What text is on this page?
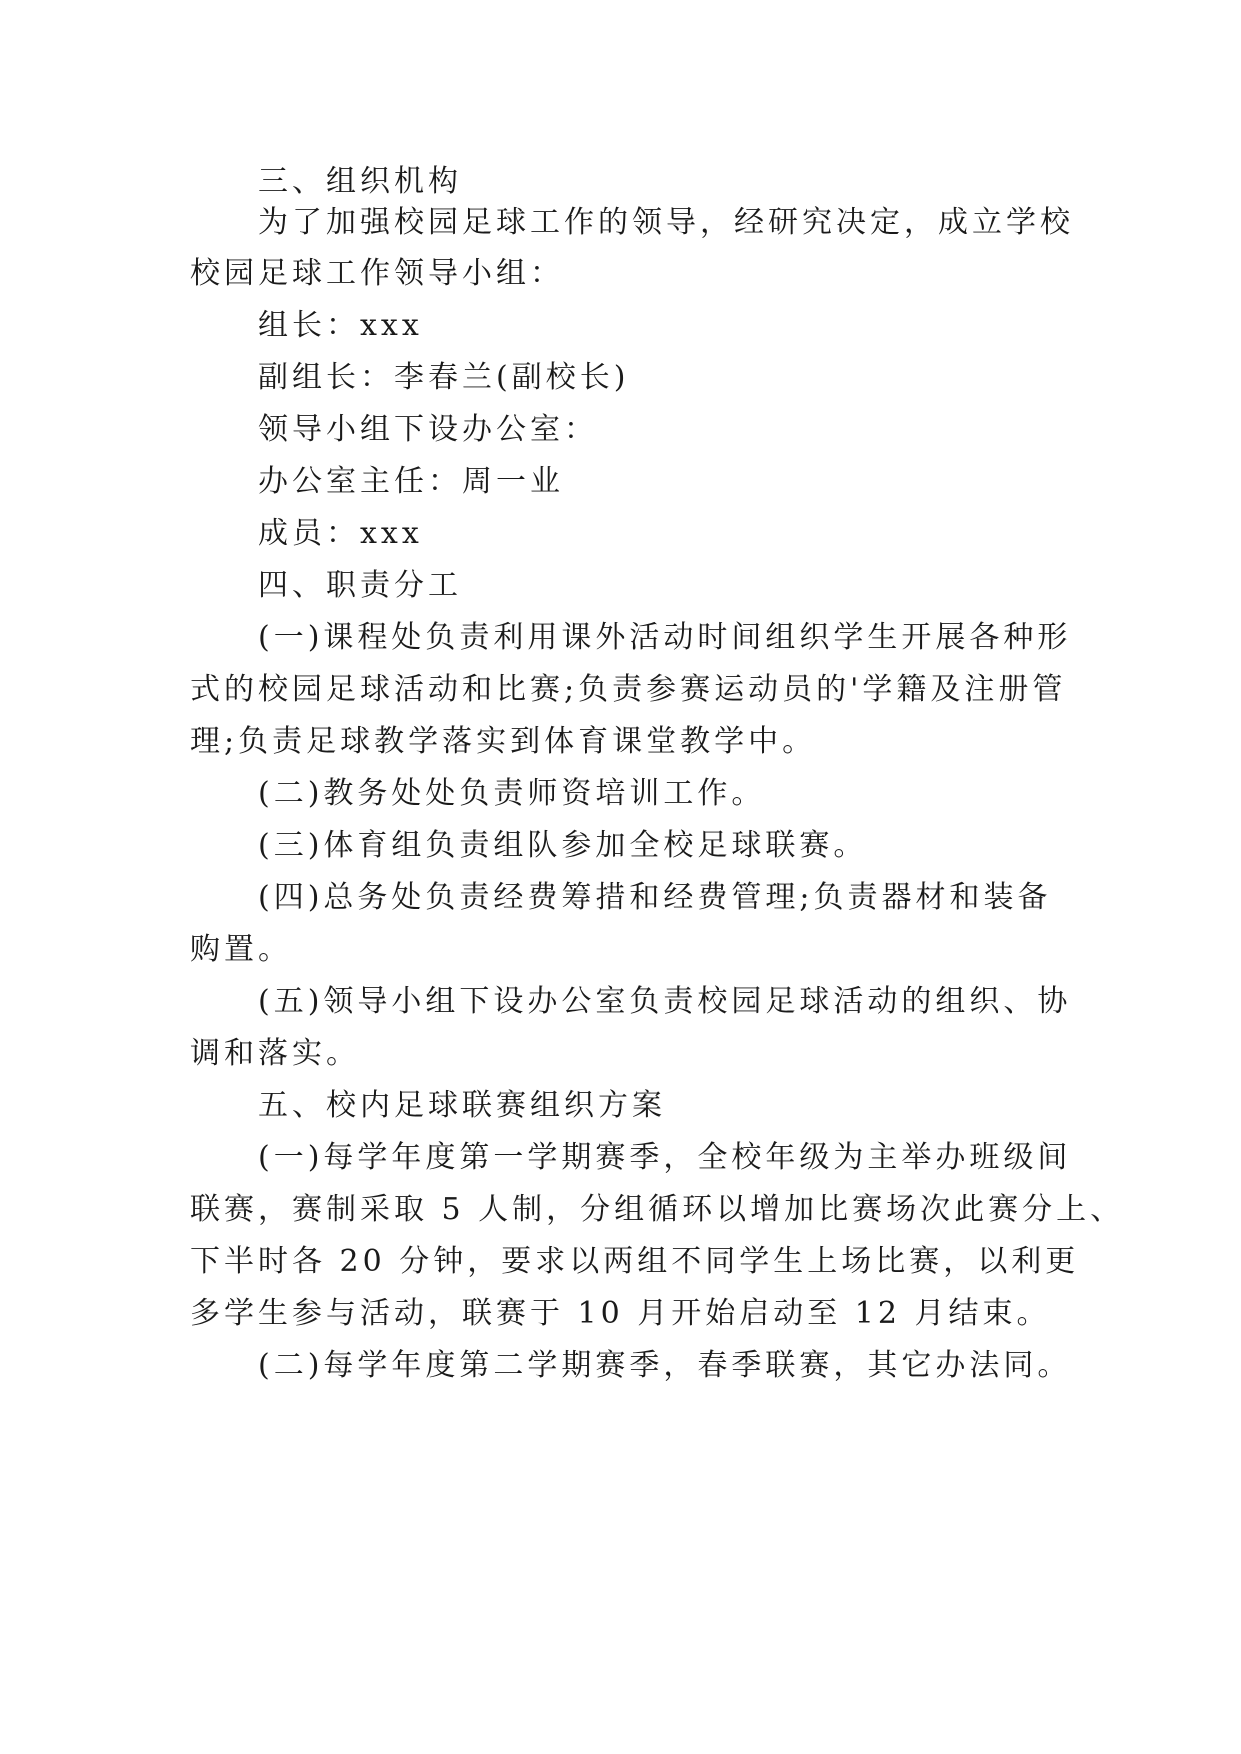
三、组织机构
为了加强校园足球工作的领导，经研究决定，成立学校
校园足球工作领导小组：
组长：xxx
副组长：李春兰(副校长)
领导小组下设办公室：
办公室主任：周一业
成员：xxx
四、职责分工
(一)课程处负责利用课外活动时间组织学生开展各种形
式的校园足球活动和比赛;负责参赛运动员的'学籍及注册管
理;负责足球教学落实到体育课堂教学中。
(二)教务处处负责师资培训工作。
(三)体育组负责组队参加全校足球联赛。
(四)总务处负责经费筹措和经费管理;负责器材和装备
购置。
(五)领导小组下设办公室负责校园足球活动的组织、协
调和落实。
五、校内足球联赛组织方案
(一)每学年度第一学期赛季，全校年级为主举办班级间
联赛，赛制采取 5 人制，分组循环以增加比赛场次此赛分上、
下半时各 20 分钟，要求以两组不同学生上场比赛，以利更
多学生参与活动，联赛于 10 月开始启动至 12 月结束。
(二)每学年度第二学期赛季，春季联赛，其它办法同。
